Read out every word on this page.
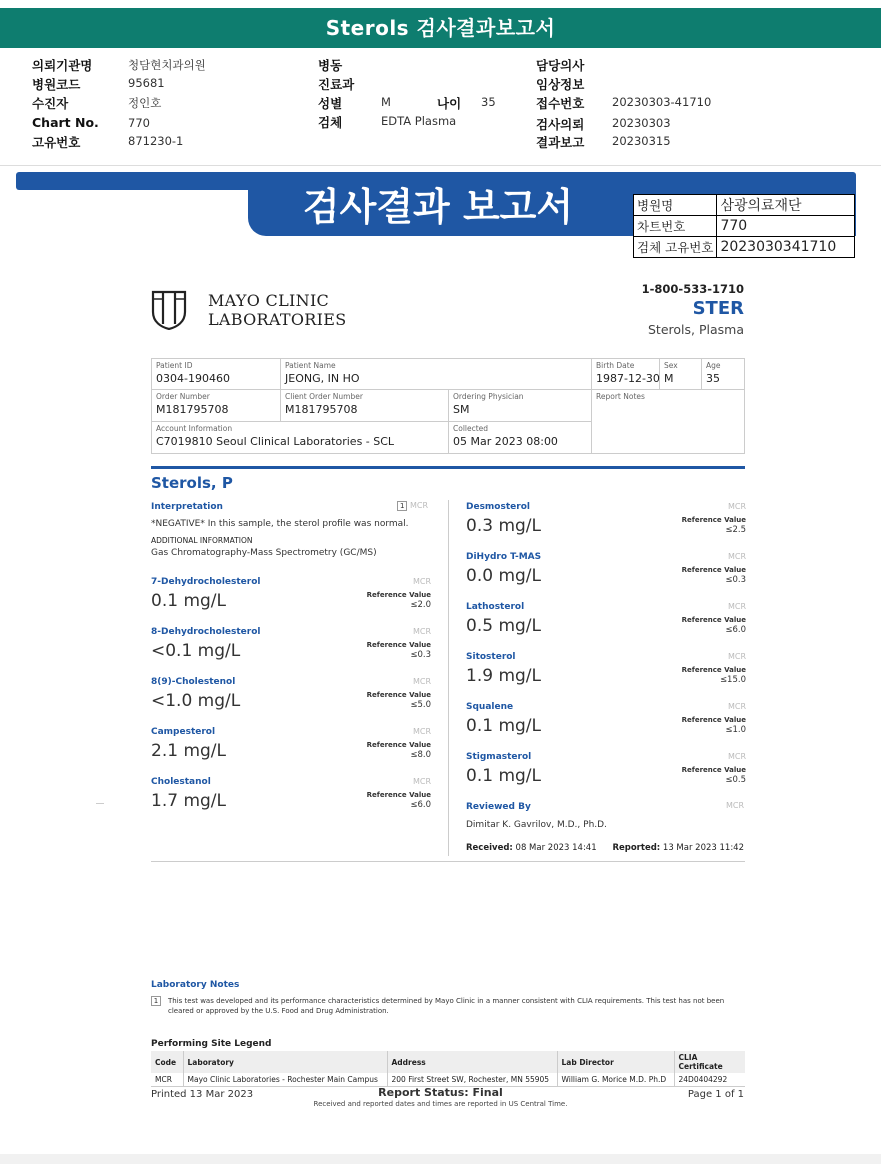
Sterols 검사결과보고서
의뢰기관명	청담현치과의원
병원코드	95681
수진자	정인호
Chart No.	770
고유번호	871230-1
병동
진료과
성별	M	나이 35
검체	EDTA Plasma
담당의사
임상정보
접수번호 20230303-41710
검사의뢰 20230303
결과보고 20230315
검사결과 보고서	병원명	삼광의료재단
차트번호	770
검체 고유번호	2023030341710
MAYO CLINIC
LABORATORIES
1-800-533-1710
STER
Sterols, Plasma
Patient ID
0304-190460
Patient Name
JEONG, IN HO
Birth Date
1987-12-30
Sex
M
Age
35
Order Number
M181795708
Client Order Number
M181795708
Ordering Physician
SM
Report Notes
Account Information
C7019810 Seoul Clinical Laboratories - SCL
Collected
05 Mar 2023 08:00
Sterols, P
Interpretation	1 MCR
*NEGATIVE* In this sample, the sterol profile was normal.
ADDITIONAL INFORMATION
Gas Chromatography-Mass Spectrometry (GC/MS)
7-Dehydrocholesterol	MCR
0.1 mg/L	Reference Value
≤2.0
8-Dehydrocholesterol	MCR
<0.1 mg/L	Reference Value
≤0.3
8(9)-Cholestenol	MCR
<1.0 mg/L	Reference Value
≤5.0
Campesterol	MCR
2.1 mg/L	Reference Value
≤8.0
Cholestanol	MCR
1.7 mg/L	Reference Value
≤6.0
Desmosterol	MCR
0.3 mg/L	Reference Value
≤2.5
DiHydro T-MAS	MCR
0.0 mg/L	Reference Value
≤0.3
Lathosterol	MCR
0.5 mg/L	Reference Value
≤6.0
Sitosterol	MCR
1.9 mg/L	Reference Value
≤15.0
Squalene	MCR
0.1 mg/L	Reference Value
≤1.0
Stigmasterol	MCR
0.1 mg/L	Reference Value
≤0.5
Reviewed By	MCR
Dimitar K. Gavrilov, M.D., Ph.D.
Received: 08 Mar 2023 14:41 Reported: 13 Mar 2023 11:42
Laboratory Notes
1	This test was developed and its performance characteristics determined by Mayo Clinic in a manner consistent with CLIA requirements. This test has not been cleared or approved by the U.S. Food and Drug Administration.
Performing Site Legend
Code	Laboratory	Address	Lab Director	CLIA Certificate
MCR	Mayo Clinic Laboratories - Rochester Main Campus	200 First Street SW, Rochester, MN 55905	William G. Morice M.D. Ph.D	24D0404292
Printed 13 Mar 2023	Report Status: Final
Received and reported dates and times are reported in US Central Time.
Page 1 of 1
